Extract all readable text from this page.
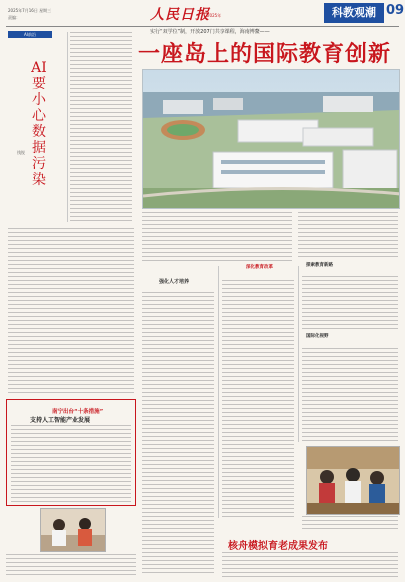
2025年7月16日 星期三
责编：	人民日报
2025年	科教观潮 09
AI前沿
AI要小心数据污染
钱锐
实行“双学位”制，开放207门共享课程，海南博鳌——
一座岛上的国际教育创新
深化教育改革	探索教育新路
强化人才培养
国际化视野
南宁出台“十条措施”
支持人工智能产业发展
核舟模拟育老成果发布
